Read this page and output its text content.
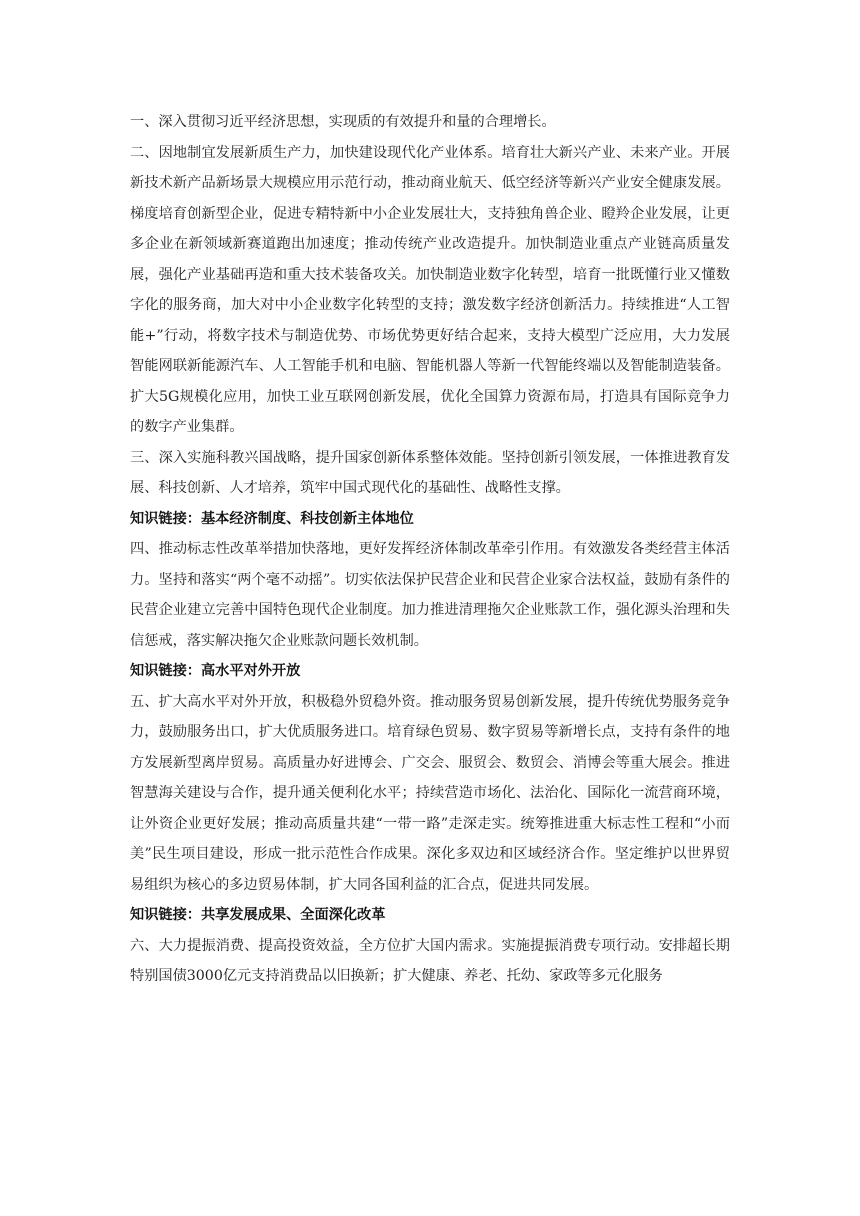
一、深入贯彻习近平经济思想，实现质的有效提升和量的合理增长。

二、因地制宜发展新质生产力，加快建设现代化产业体系。培育壮大新兴产业、未来产业。开展新技术新产品新场景大规模应用示范行动，推动商业航天、低空经济等新兴产业安全健康发展。梯度培育创新型企业，促进专精特新中小企业发展壮大，支持独角兽企业、瞪羚企业发展，让更多企业在新领域新赛道跑出加速度；推动传统产业改造提升。加快制造业重点产业链高质量发展，强化产业基础再造和重大技术装备攻关。加快制造业数字化转型，培育一批既懂行业又懂数字化的服务商，加大对中小企业数字化转型的支持；激发数字经济创新活力。持续推进“人工智能+”行动，将数字技术与制造优势、市场优势更好结合起来，支持大模型广泛应用，大力发展智能网联新能源汽车、人工智能手机和电脑、智能机器人等新一代智能终端以及智能制造装备。扩大5G规模化应用，加快工业互联网创新发展，优化全国算力资源布局，打造具有国际竞争力的数字产业集群。

三、深入实施科教兴国战略，提升国家创新体系整体效能。坚持创新引领发展，一体推进教育发展、科技创新、人才培养，筑牢中国式现代化的基础性、战略性支撑。

知识链接：基本经济制度、科技创新主体地位

四、推动标志性改革举措加快落地，更好发挥经济体制改革牵引作用。有效激发各类经营主体活力。坚持和落实“两个毫不动摇”。切实依法保护民营企业和民营企业家合法权益，鼓励有条件的民营企业建立完善中国特色现代企业制度。加力推进清理拖欠企业账款工作，强化源头治理和失信惩戒，落实解决拖欠企业账款问题长效机制。

知识链接：高水平对外开放

五、扩大高水平对外开放，积极稳外贸稳外资。推动服务贸易创新发展，提升传统优势服务竞争力，鼓励服务出口，扩大优质服务进口。培育绿色贸易、数字贸易等新增长点，支持有条件的地方发展新型离岸贸易。高质量办好进博会、广交会、服贸会、数贸会、消博会等重大展会。推进智慧海关建设与合作，提升通关便利化水平；持续营造市场化、法治化、国际化一流营商环境，让外资企业更好发展；推动高质量共建“一带一路”走深走实。统筹推进重大标志性工程和“小而美”民生项目建设，形成一批示范性合作成果。深化多双边和区域经济合作。坚定维护以世界贸易组织为核心的多边贸易体制，扩大同各国利益的汇合点，促进共同发展。

知识链接：共享发展成果、全面深化改革

六、大力提振消费、提高投资效益，全方位扩大国内需求。实施提振消费专项行动。安排超长期特别国债3000亿元支持消费品以旧换新；扩大健康、养老、托幼、家政等多元化服务
